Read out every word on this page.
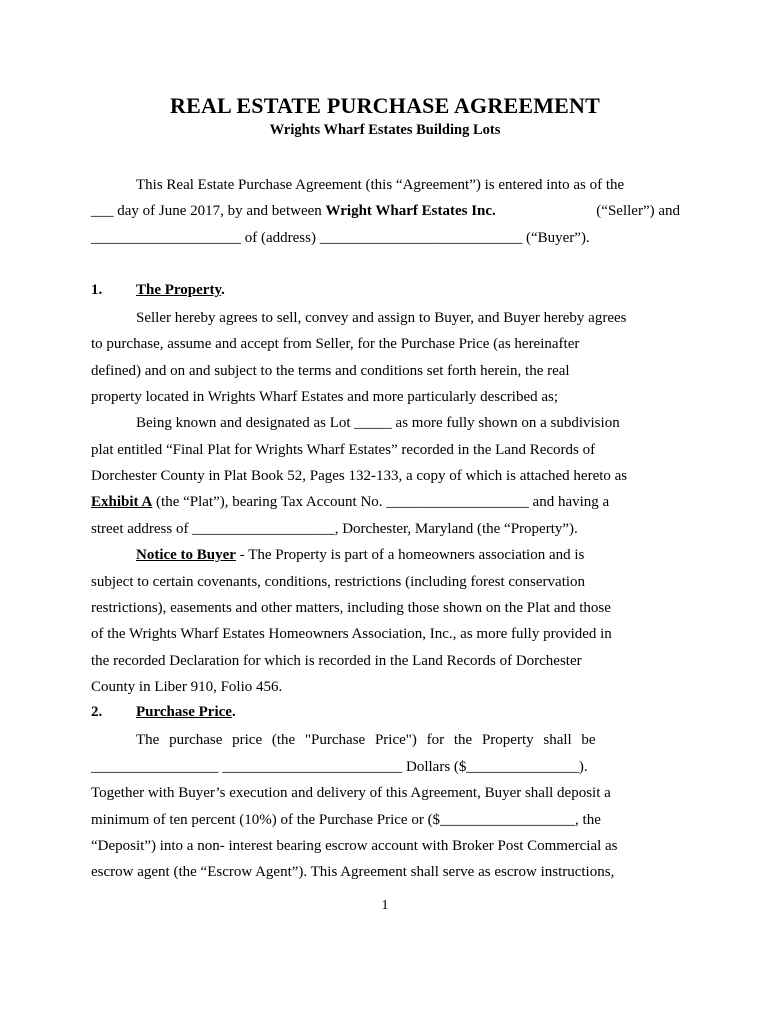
REAL ESTATE PURCHASE AGREEMENT
Wrights Wharf Estates Building Lots
This Real Estate Purchase Agreement (this “Agreement”) is entered into as of the
___ day of June 2017, by and between Wright Wharf Estates Inc.	(“Seller”) and
____________________ of (address) ___________________________ (“Buyer”).
1. The Property.
Seller hereby agrees to sell, convey and assign to Buyer, and Buyer hereby agrees
to purchase, assume and accept from Seller, for the Purchase Price (as hereinafter
defined) and on and subject to the terms and conditions set forth herein, the real
property located in Wrights Wharf Estates and more particularly described as;
Being known and designated as Lot _____ as more fully shown on a subdivision
plat entitled “Final Plat for Wrights Wharf Estates” recorded in the Land Records of
Dorchester County in Plat Book 52, Pages 132-133, a copy of which is attached hereto as
Exhibit A (the “Plat”), bearing Tax Account No. ___________________ and having a
street address of ___________________, Dorchester, Maryland (the “Property”).
Notice to Buyer - The Property is part of a homeowners association and is
subject to certain covenants, conditions, restrictions (including forest conservation
restrictions), easements and other matters, including those shown on the Plat and those
of the Wrights Wharf Estates Homeowners Association, Inc., as more fully provided in
the recorded Declaration for which is recorded in the Land Records of Dorchester
County in Liber 910, Folio 456.
2. Purchase Price.
The purchase price (the "Purchase Price") for the Property shall be
_________________ ________________________ Dollars ($_______________).
Together with Buyer’s execution and delivery of this Agreement, Buyer shall deposit a
minimum of ten percent (10%) of the Purchase Price or ($__________________, the
“Deposit”) into a non- interest bearing escrow account with Broker Post Commercial as
escrow agent (the “Escrow Agent”). This Agreement shall serve as escrow instructions,
1
